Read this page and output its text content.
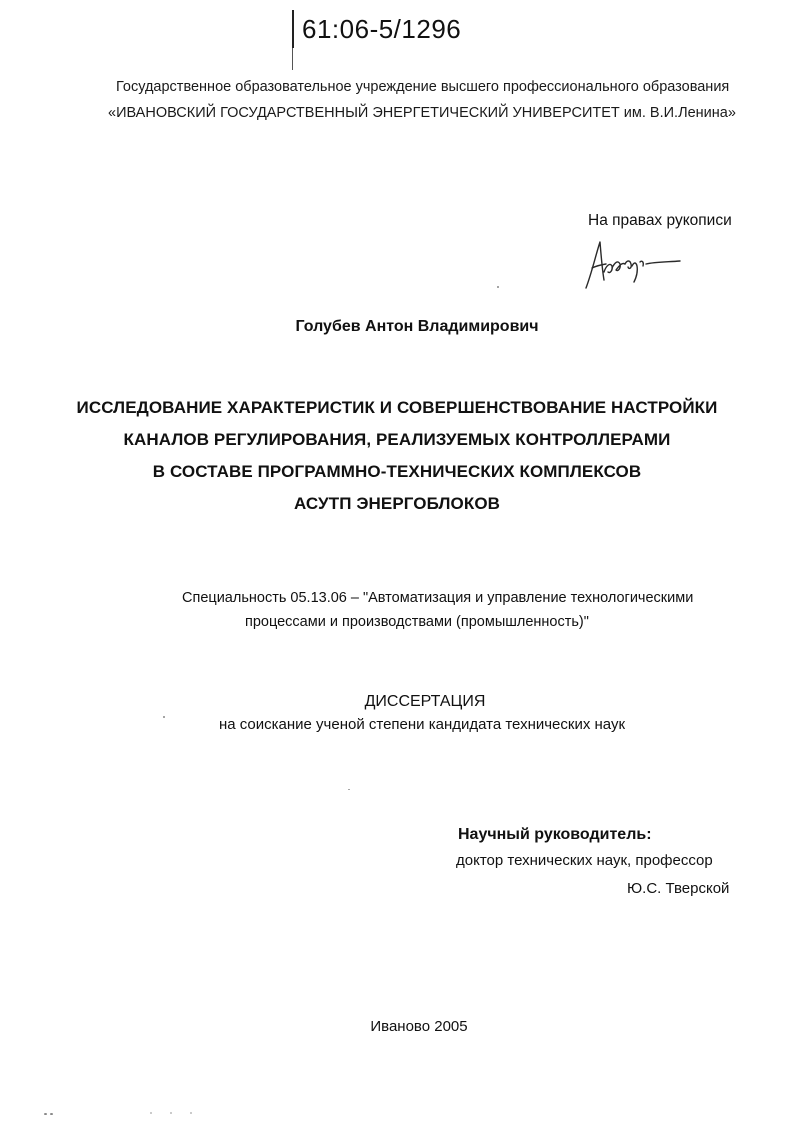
61:06-5/1296
Государственное образовательное учреждение высшего профессионального образования
«ИВАНОВСКИЙ ГОСУДАРСТВЕННЫЙ ЭНЕРГЕТИЧЕСКИЙ УНИВЕРСИТЕТ им. В.И.Ленина»
На правах рукописи
Голубев Антон Владимирович
ИССЛЕДОВАНИЕ ХАРАКТЕРИСТИК И СОВЕРШЕНСТВОВАНИЕ НАСТРОЙКИ
КАНАЛОВ РЕГУЛИРОВАНИЯ, РЕАЛИЗУЕМЫХ КОНТРОЛЛЕРАМИ
В СОСТАВЕ ПРОГРАММНО-ТЕХНИЧЕСКИХ КОМПЛЕКСОВ
АСУТП ЭНЕРГОБЛОКОВ
Специальность 05.13.06 – "Автоматизация и управление технологическими
процессами и производствами (промышленность)"
ДИССЕРТАЦИЯ
на соискание ученой степени кандидата технических наук
Научный руководитель:
доктор технических наук, профессор
Ю.С. Тверской
Иваново 2005
